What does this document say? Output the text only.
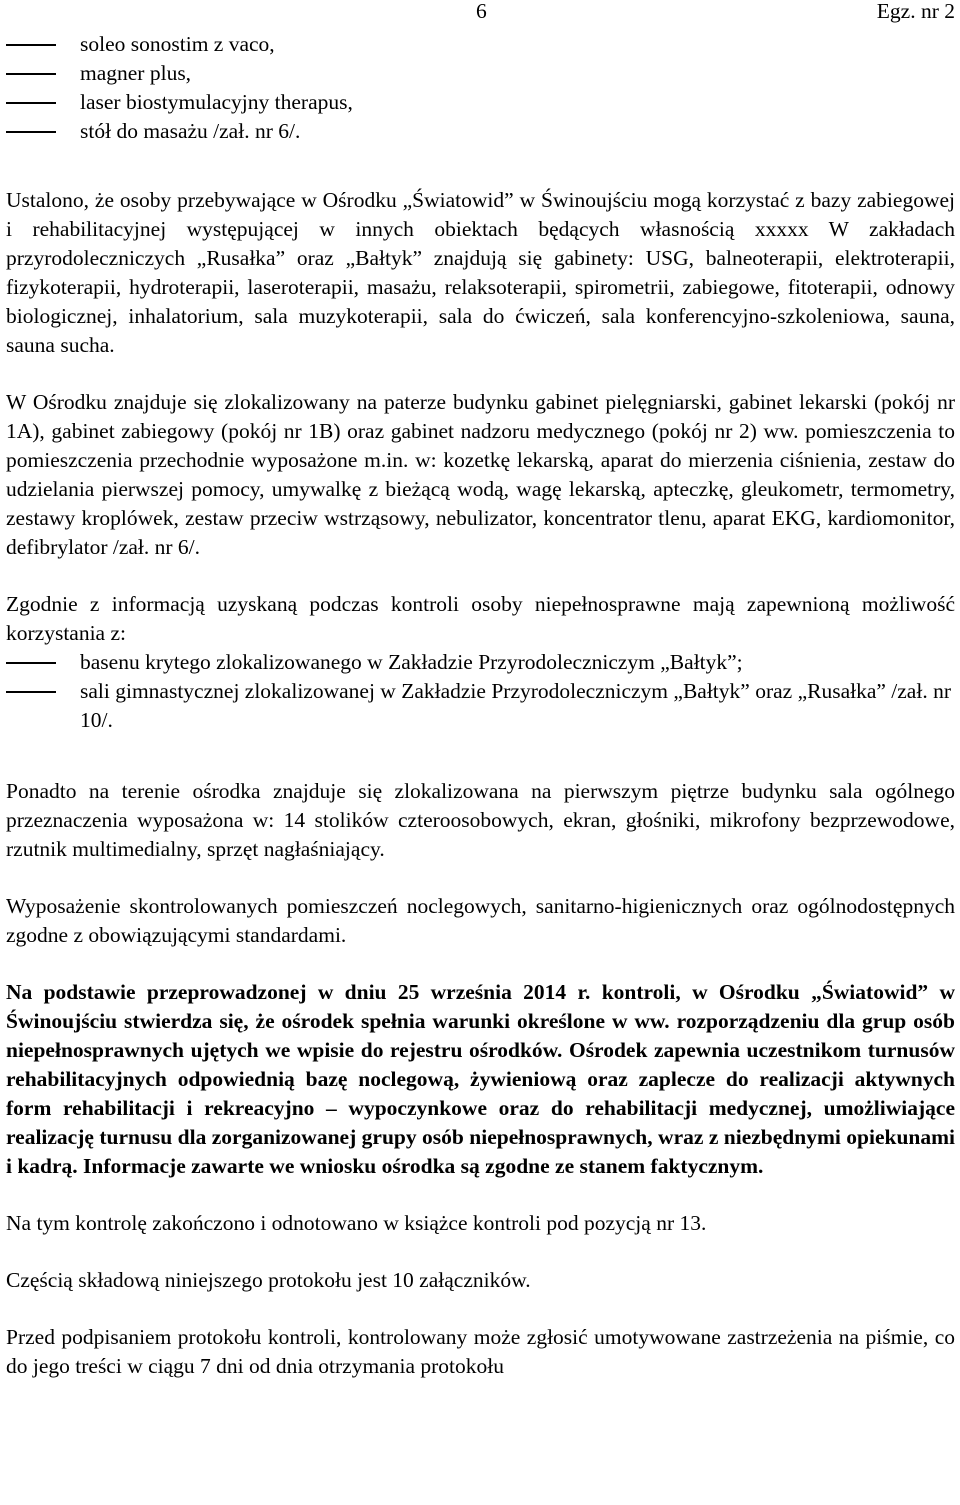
6	Egz. nr 2
soleo sonostim z vaco,
magner plus,
laser biostymulacyjny therapus,
stół do masażu /zał. nr 6/.

Ustalono, że osoby przebywające w Ośrodku „Światowid” w Świnoujściu mogą korzystać z bazy zabiegowej i rehabilitacyjnej występującej w innych obiektach będących własnością xxxxx W zakładach przyrodoleczniczych „Rusałka” oraz „Bałtyk” znajdują się gabinety: USG, balneoterapii, elektroterapii, fizykoterapii, hydroterapii, laseroterapii, masażu, relaksoterapii, spirometrii, zabiegowe, fitoterapii, odnowy biologicznej, inhalatorium, sala muzykoterapii, sala do ćwiczeń, sala konferencyjno-szkoleniowa, sauna, sauna sucha.

W Ośrodku znajduje się zlokalizowany na paterze budynku gabinet pielęgniarski, gabinet lekarski (pokój nr 1A), gabinet zabiegowy (pokój nr 1B) oraz gabinet nadzoru medycznego (pokój nr 2) ww. pomieszczenia to pomieszczenia przechodnie wyposażone m.in. w: kozetkę lekarską, aparat do mierzenia ciśnienia, zestaw do udzielania pierwszej pomocy, umywalkę z bieżącą wodą, wagę lekarską, apteczkę, gleukometr, termometry, zestawy kroplówek, zestaw przeciw wstrząsowy, nebulizator, koncentrator tlenu, aparat EKG, kardiomonitor, defibrylator /zał. nr 6/.

Zgodnie z informacją uzyskaną podczas kontroli osoby niepełnosprawne mają zapewnioną możliwość korzystania z:

basenu krytego zlokalizowanego w Zakładzie Przyrodoleczniczym „Bałtyk”;
sali gimnastycznej zlokalizowanej w Zakładzie Przyrodoleczniczym „Bałtyk” oraz „Rusałka” /zał. nr 10/.

Ponadto na terenie ośrodka znajduje się zlokalizowana na pierwszym piętrze budynku sala ogólnego przeznaczenia wyposażona w: 14 stolików czteroosobowych, ekran, głośniki, mikrofony bezprzewodowe, rzutnik multimedialny, sprzęt nagłaśniający.

Wyposażenie skontrolowanych pomieszczeń noclegowych, sanitarno-higienicznych oraz ogólnodostępnych zgodne z obowiązującymi standardami.

Na podstawie przeprowadzonej w dniu 25 września 2014 r. kontroli, w Ośrodku „Światowid” w Świnoujściu stwierdza się, że ośrodek spełnia warunki określone w ww. rozporządzeniu dla grup osób niepełnosprawnych ujętych we wpisie do rejestru ośrodków. Ośrodek zapewnia uczestnikom turnusów rehabilitacyjnych odpowiednią bazę noclegową, żywieniową oraz zaplecze do realizacji aktywnych form rehabilitacji i rekreacyjno – wypoczynkowe oraz do rehabilitacji medycznej, umożliwiające realizację turnusu dla zorganizowanej grupy osób niepełnosprawnych, wraz z niezbędnymi opiekunami i kadrą. Informacje zawarte we wniosku ośrodka są zgodne ze stanem faktycznym.

Na tym kontrolę zakończono i odnotowano w książce kontroli pod pozycją nr 13.

Częścią składową niniejszego protokołu jest 10 załączników.

Przed podpisaniem protokołu kontroli, kontrolowany może zgłosić umotywowane zastrzeżenia na piśmie, co do jego treści w ciągu 7 dni od dnia otrzymania protokołu
